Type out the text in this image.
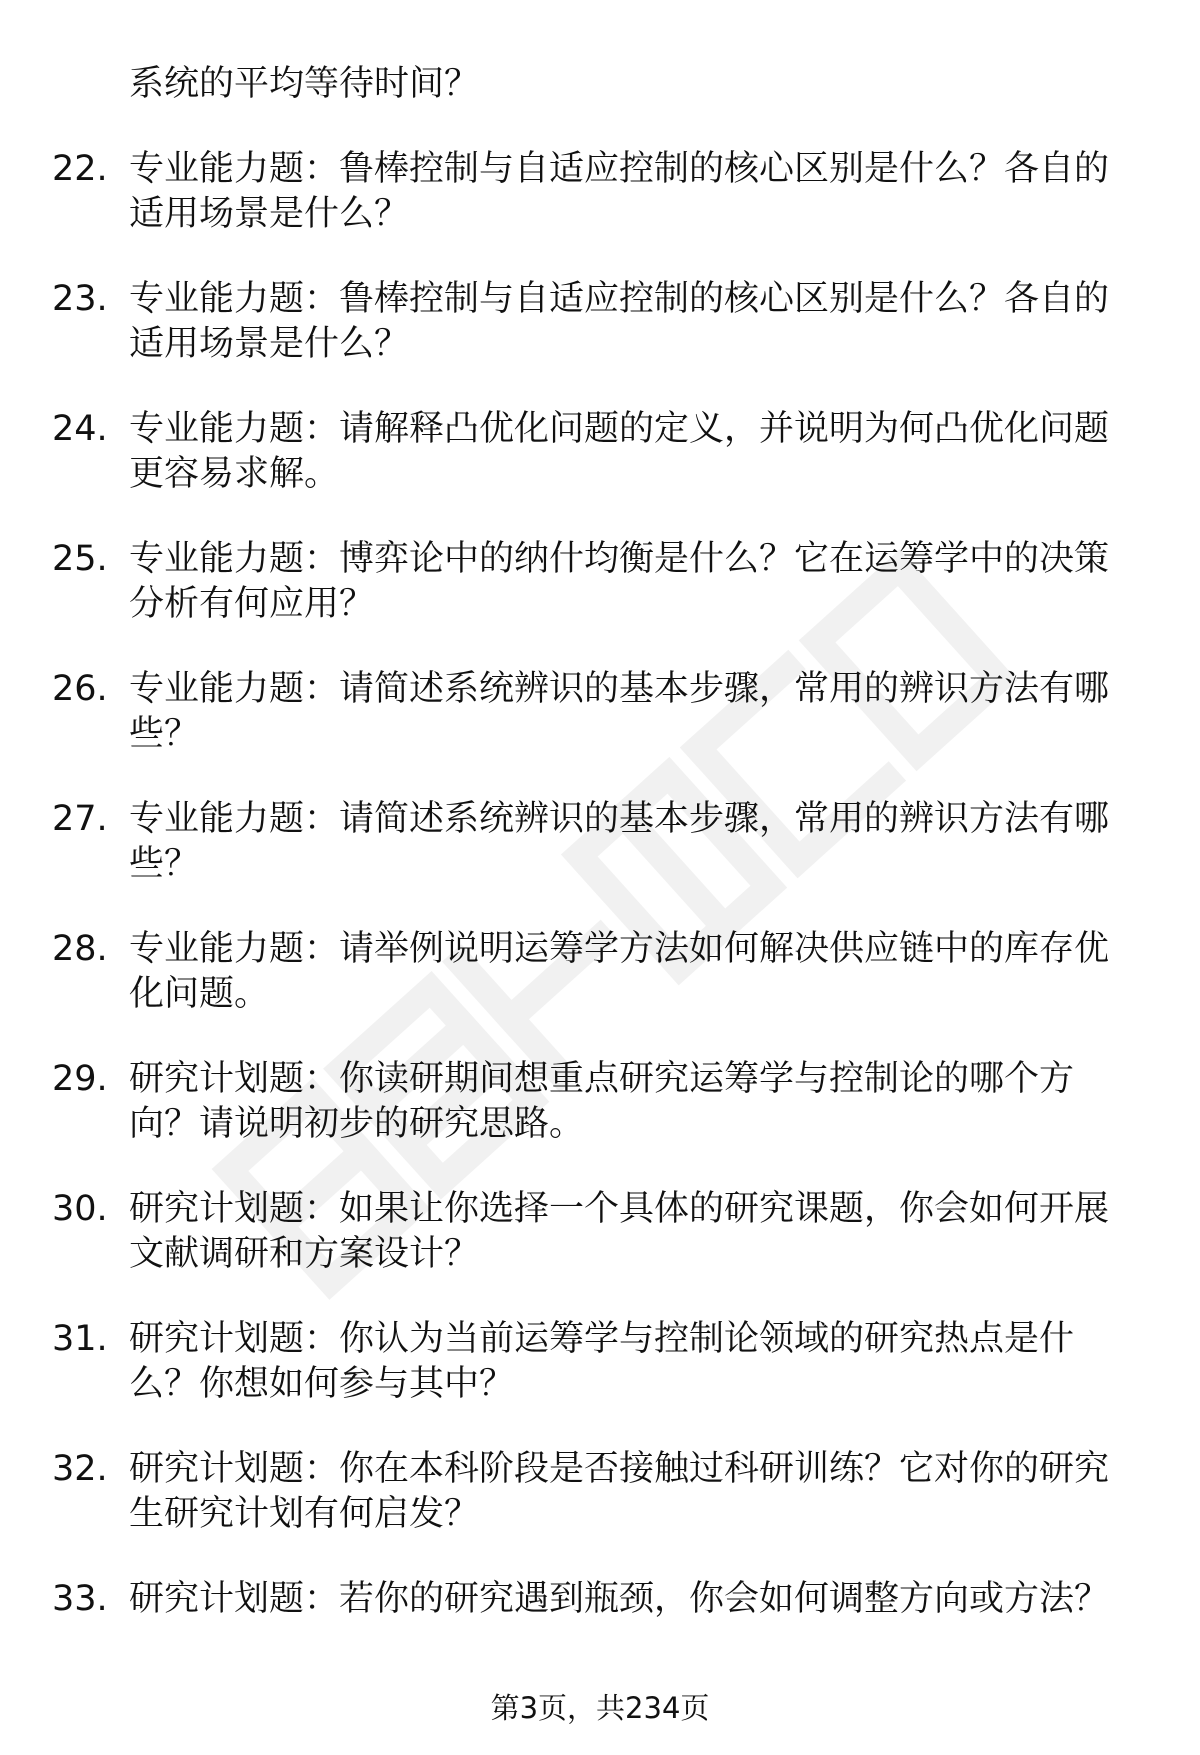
系统的平均等待时间？
22. 专业能力题：鲁棒控制与自适应控制的核心区别是什么？各自的适用场景是什么？
23. 专业能力题：鲁棒控制与自适应控制的核心区别是什么？各自的适用场景是什么？
24. 专业能力题：请解释凸优化问题的定义，并说明为何凸优化问题更容易求解。
25. 专业能力题：博弈论中的纳什均衡是什么？它在运筹学中的决策分析有何应用？
26. 专业能力题：请简述系统辨识的基本步骤，常用的辨识方法有哪些？
27. 专业能力题：请简述系统辨识的基本步骤，常用的辨识方法有哪些？
28. 专业能力题：请举例说明运筹学方法如何解决供应链中的库存优化问题。
29. 研究计划题：你读研期间想重点研究运筹学与控制论的哪个方向？请说明初步的研究思路。
30. 研究计划题：如果让你选择一个具体的研究课题，你会如何开展文献调研和方案设计？
31. 研究计划题：你认为当前运筹学与控制论领域的研究热点是什么？你想如何参与其中？
32. 研究计划题：你在本科阶段是否接触过科研训练？它对你的研究生研究计划有何启发？
33. 研究计划题：若你的研究遇到瓶颈，你会如何调整方向或方法？
第3页，共234页
